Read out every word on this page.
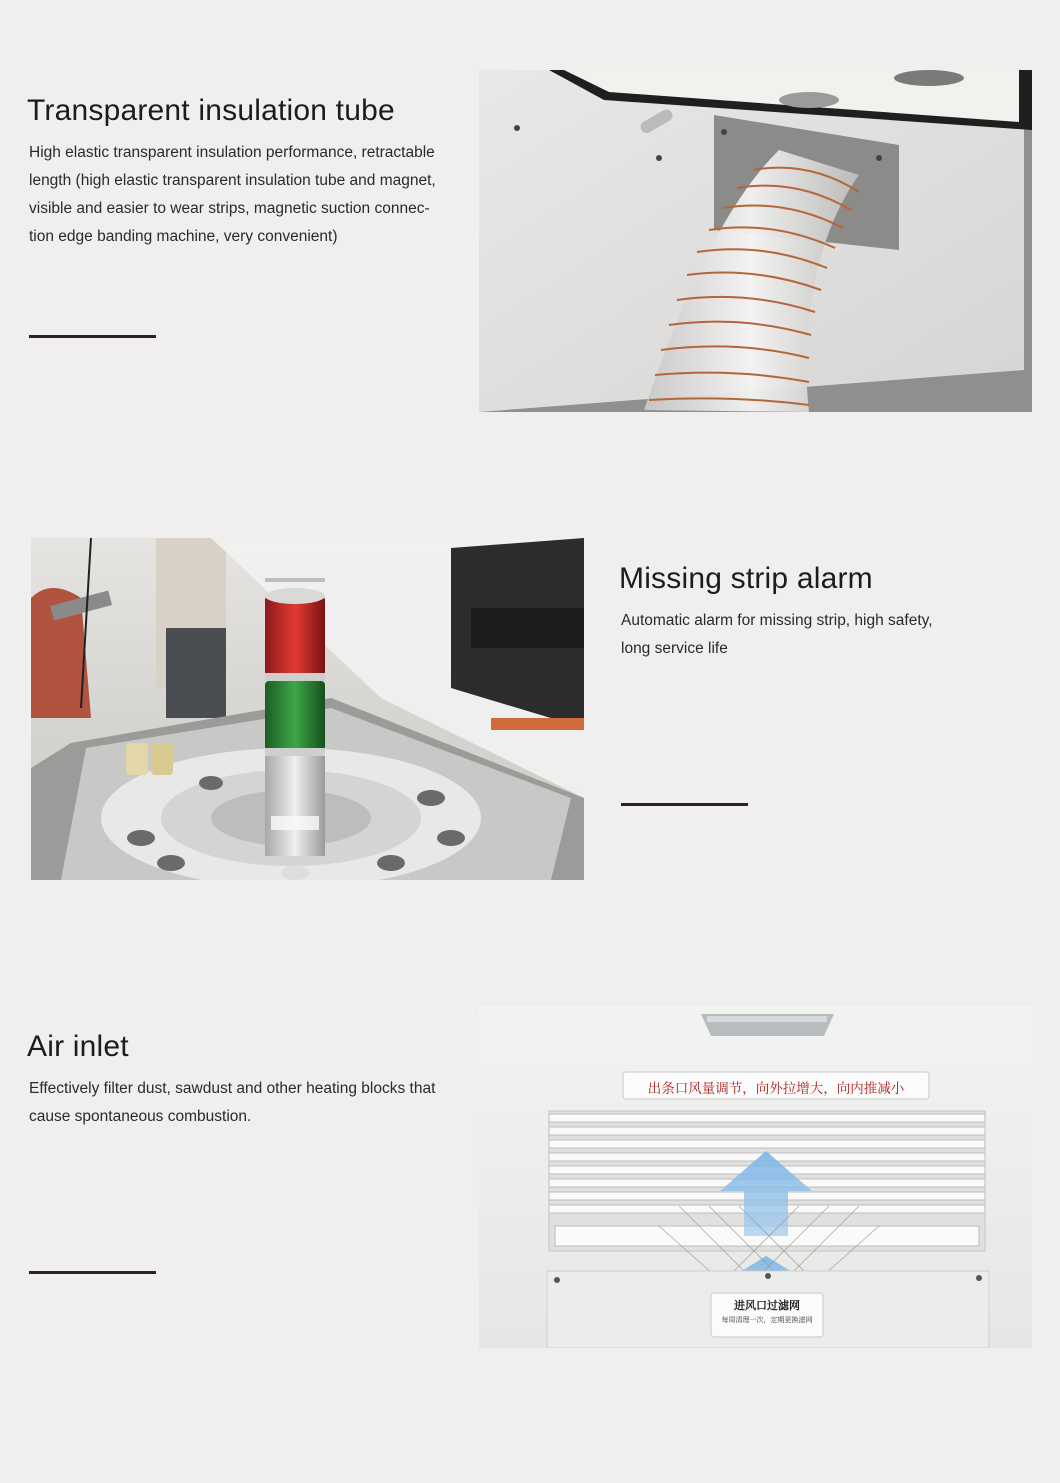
Transparent insulation tube
High elastic transparent insulation performance, retractable
length (high elastic transparent insulation tube and magnet,
visible and easier to wear strips, magnetic suction connec-
tion edge banding machine, very convenient)
Missing strip alarm
Automatic alarm for missing strip, high safety,
long service life
Air inlet
Effectively filter dust, sawdust and other heating blocks that
cause spontaneous combustion.
出条口风量调节，向外拉增大，向内推减小
进风口过滤网
每周清理一次，定期更换滤网
